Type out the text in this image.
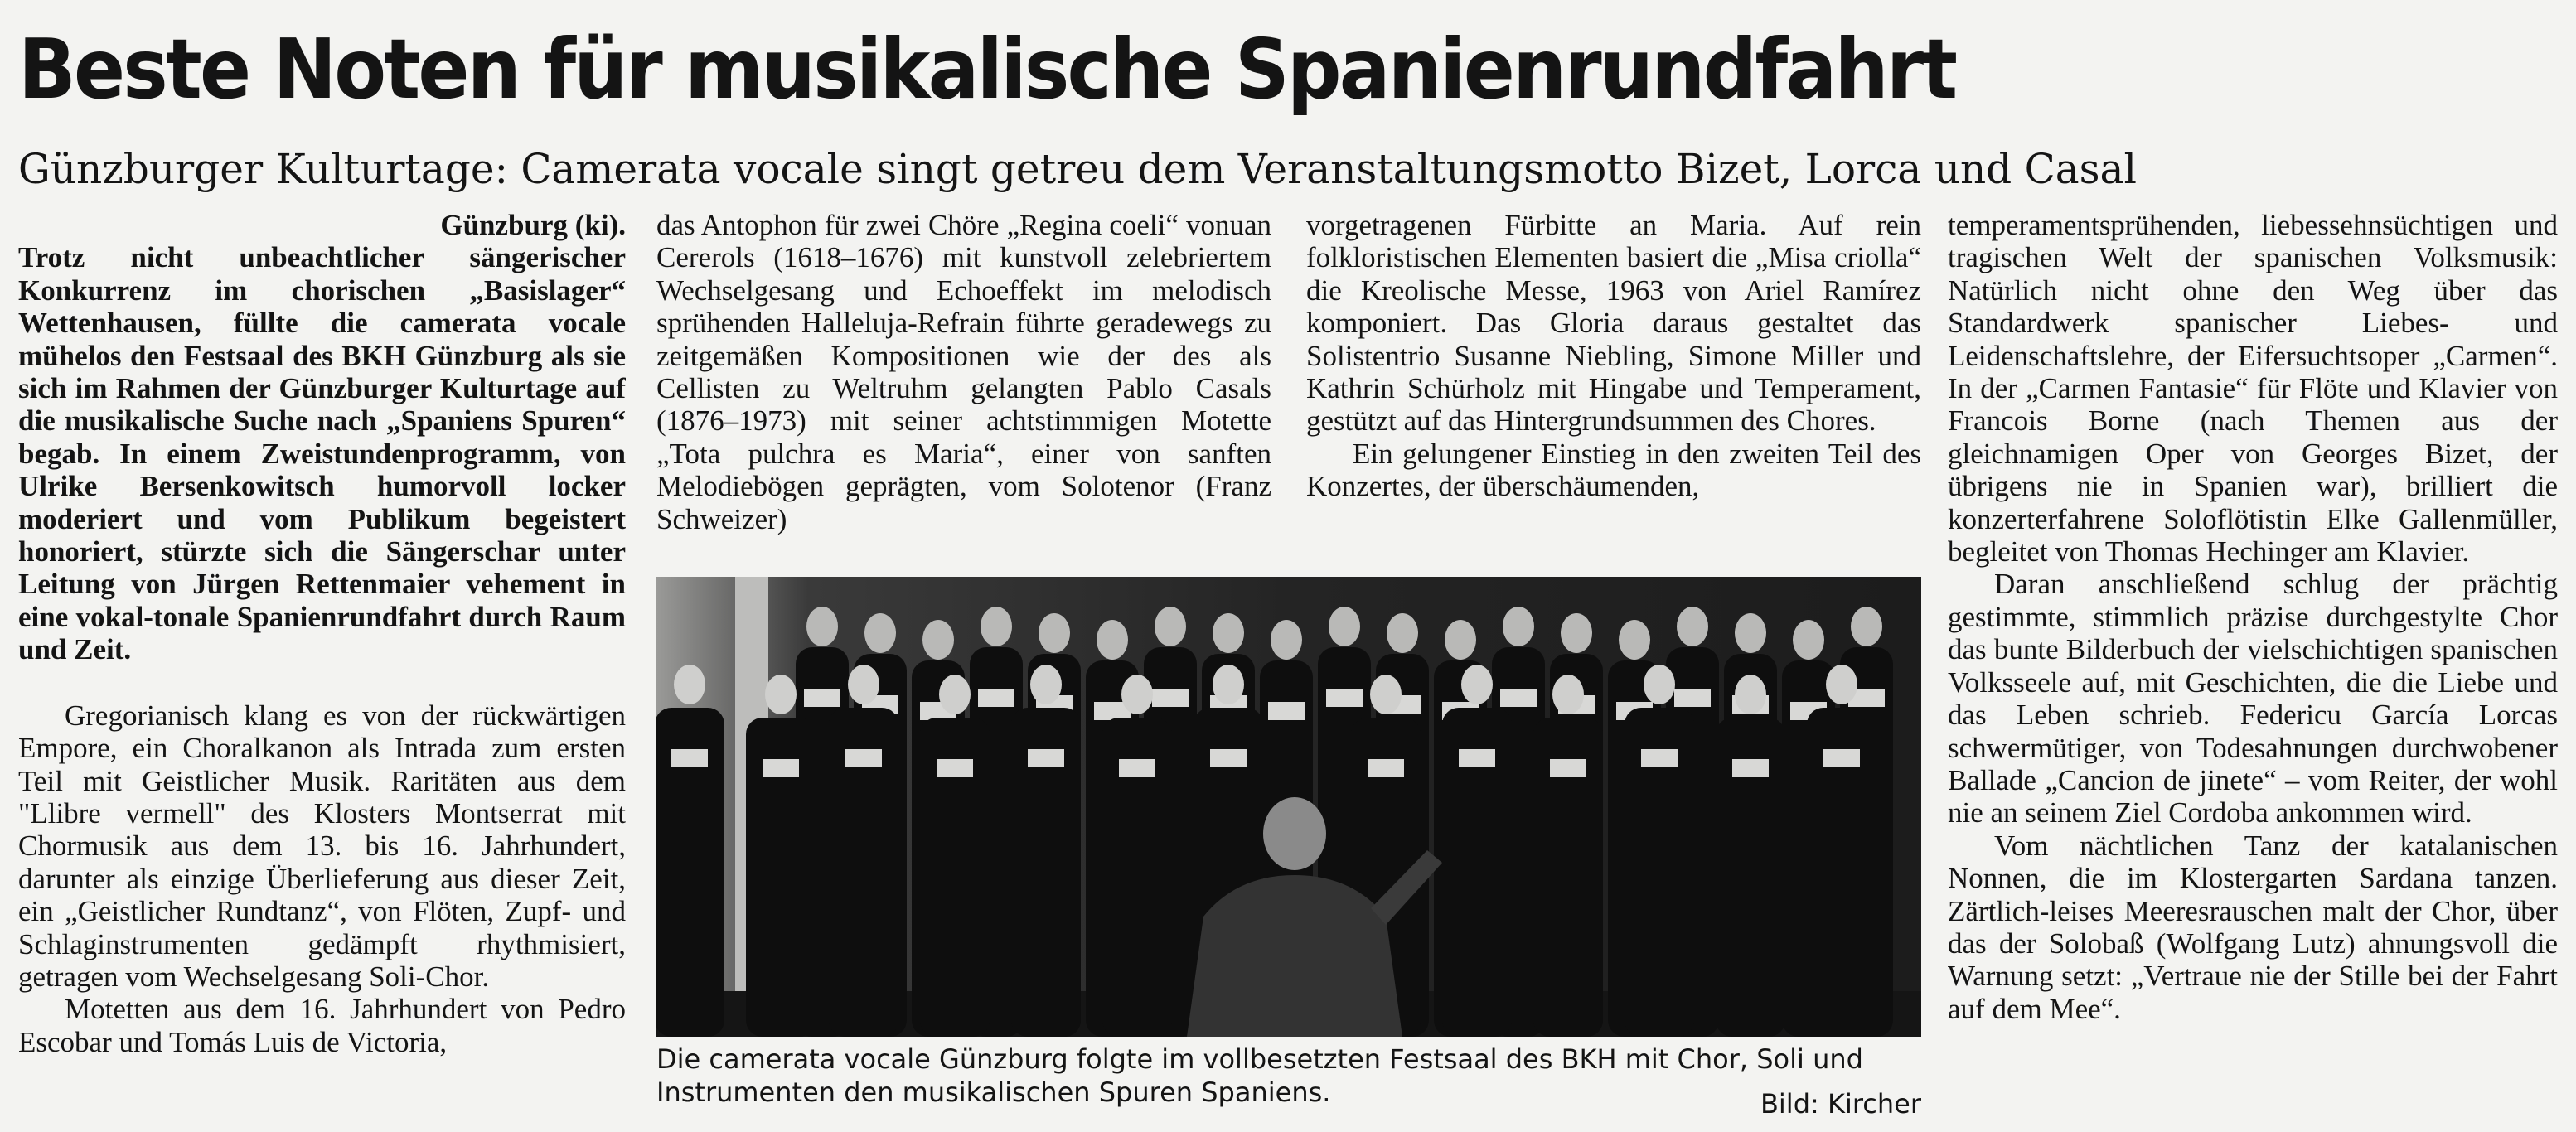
Beste Noten für musikalische Spanienrundfahrt
Günzburger Kulturtage: Camerata vocale singt getreu dem Veranstaltungsmotto Bizet, Lorca und Casal

Günzburg (ki).
Trotz nicht unbeachtlicher sängerischer Konkurrenz im chorischen „Basislager“ Wettenhausen, füllte die camerata vocale mühelos den Festsaal des BKH Günzburg als sie sich im Rahmen der Günzburger Kulturtage auf die musikalische Suche nach „Spaniens Spuren“ begab. In einem Zweistundenprogramm, von Ulrike Bersenkowitsch humorvoll locker moderiert und vom Publikum begeistert honoriert, stürzte sich die Sängerschar unter Leitung von Jürgen Rettenmaier vehement in eine vokal-tonale Spanienrundfahrt durch Raum und Zeit.

Gregorianisch klang es von der rückwärtigen Empore, ein Choralkanon als Intrada zum ersten Teil mit Geistlicher Musik. Raritäten aus dem "Llibre vermell" des Klosters Montserrat mit Chormusik aus dem 13. bis 16. Jahrhundert, darunter als einzige Überlieferung aus dieser Zeit, ein „Geistlicher Rundtanz“, von Flöten, Zupf- und Schlaginstrumenten gedämpft rhythmisiert, getragen vom Wechselgesang Soli-Chor.

Motetten aus dem 16. Jahrhundert von Pedro Escobar und Tomás Luis de Victoria,

das Antophon für zwei Chöre „Regina coeli“ vonuan Cererols (1618–1676) mit kunstvoll zelebriertem Wechselgesang und Echoeffekt im melodisch sprühenden Halleluja-Refrain führte geradewegs zu zeitgemäßen Kompositionen wie der des als Cellisten zu Weltruhm gelangten Pablo Casals (1876–1973) mit seiner achtstimmigen Motette „Tota pulchra es Maria“, einer von sanften Melodiebögen geprägten, vom Solotenor (Franz Schweizer)

vorgetragenen Fürbitte an Maria. Auf rein folkloristischen Elementen basiert die „Misa criolla“ die Kreolische Messe, 1963 von Ariel Ramírez komponiert. Das Gloria daraus gestaltet das Solistentrio Susanne Niebling, Simone Miller und Kathrin Schürholz mit Hingabe und Temperament, gestützt auf das Hintergrundsummen des Chores.

Ein gelungener Einstieg in den zweiten Teil des Konzertes, der überschäumenden,

temperamentsprühenden, liebessehnsüchtigen und tragischen Welt der spanischen Volksmusik: Natürlich nicht ohne den Weg über das Standardwerk spanischer Liebes- und Leidenschaftslehre, der Eifersuchtsoper „Carmen“. In der „Carmen Fantasie“ für Flöte und Klavier von Francois Borne (nach Themen aus der gleichnamigen Oper von Georges Bizet, der übrigens nie in Spanien war), brilliert die konzerterfahrene Soloflötistin Elke Gallenmüller, begleitet von Thomas Hechinger am Klavier.

Daran anschließend schlug der prächtig gestimmte, stimmlich präzise durchgestylte Chor das bunte Bilderbuch der vielschichtigen spanischen Volksseele auf, mit Geschichten, die die Liebe und das Leben schrieb. Federicu García Lorcas schwermütiger, von Todesahnungen durchwobener Ballade „Cancion de jinete“ – vom Reiter, der wohl nie an seinem Ziel Cordoba ankommen wird.

Vom nächtlichen Tanz der katalanischen Nonnen, die im Klostergarten Sardana tanzen. Zärtlich-leises Meeresrauschen malt der Chor, über das der Solobaß (Wolfgang Lutz) ahnungsvoll die Warnung setzt: „Vertraue nie der Stille bei der Fahrt auf dem Mee“.

Die camerata vocale Günzburg folgte im vollbesetzten Festsaal des BKH mit Chor, Soli und Instrumenten den musikalischen Spuren Spaniens.	Bild: Kircher
